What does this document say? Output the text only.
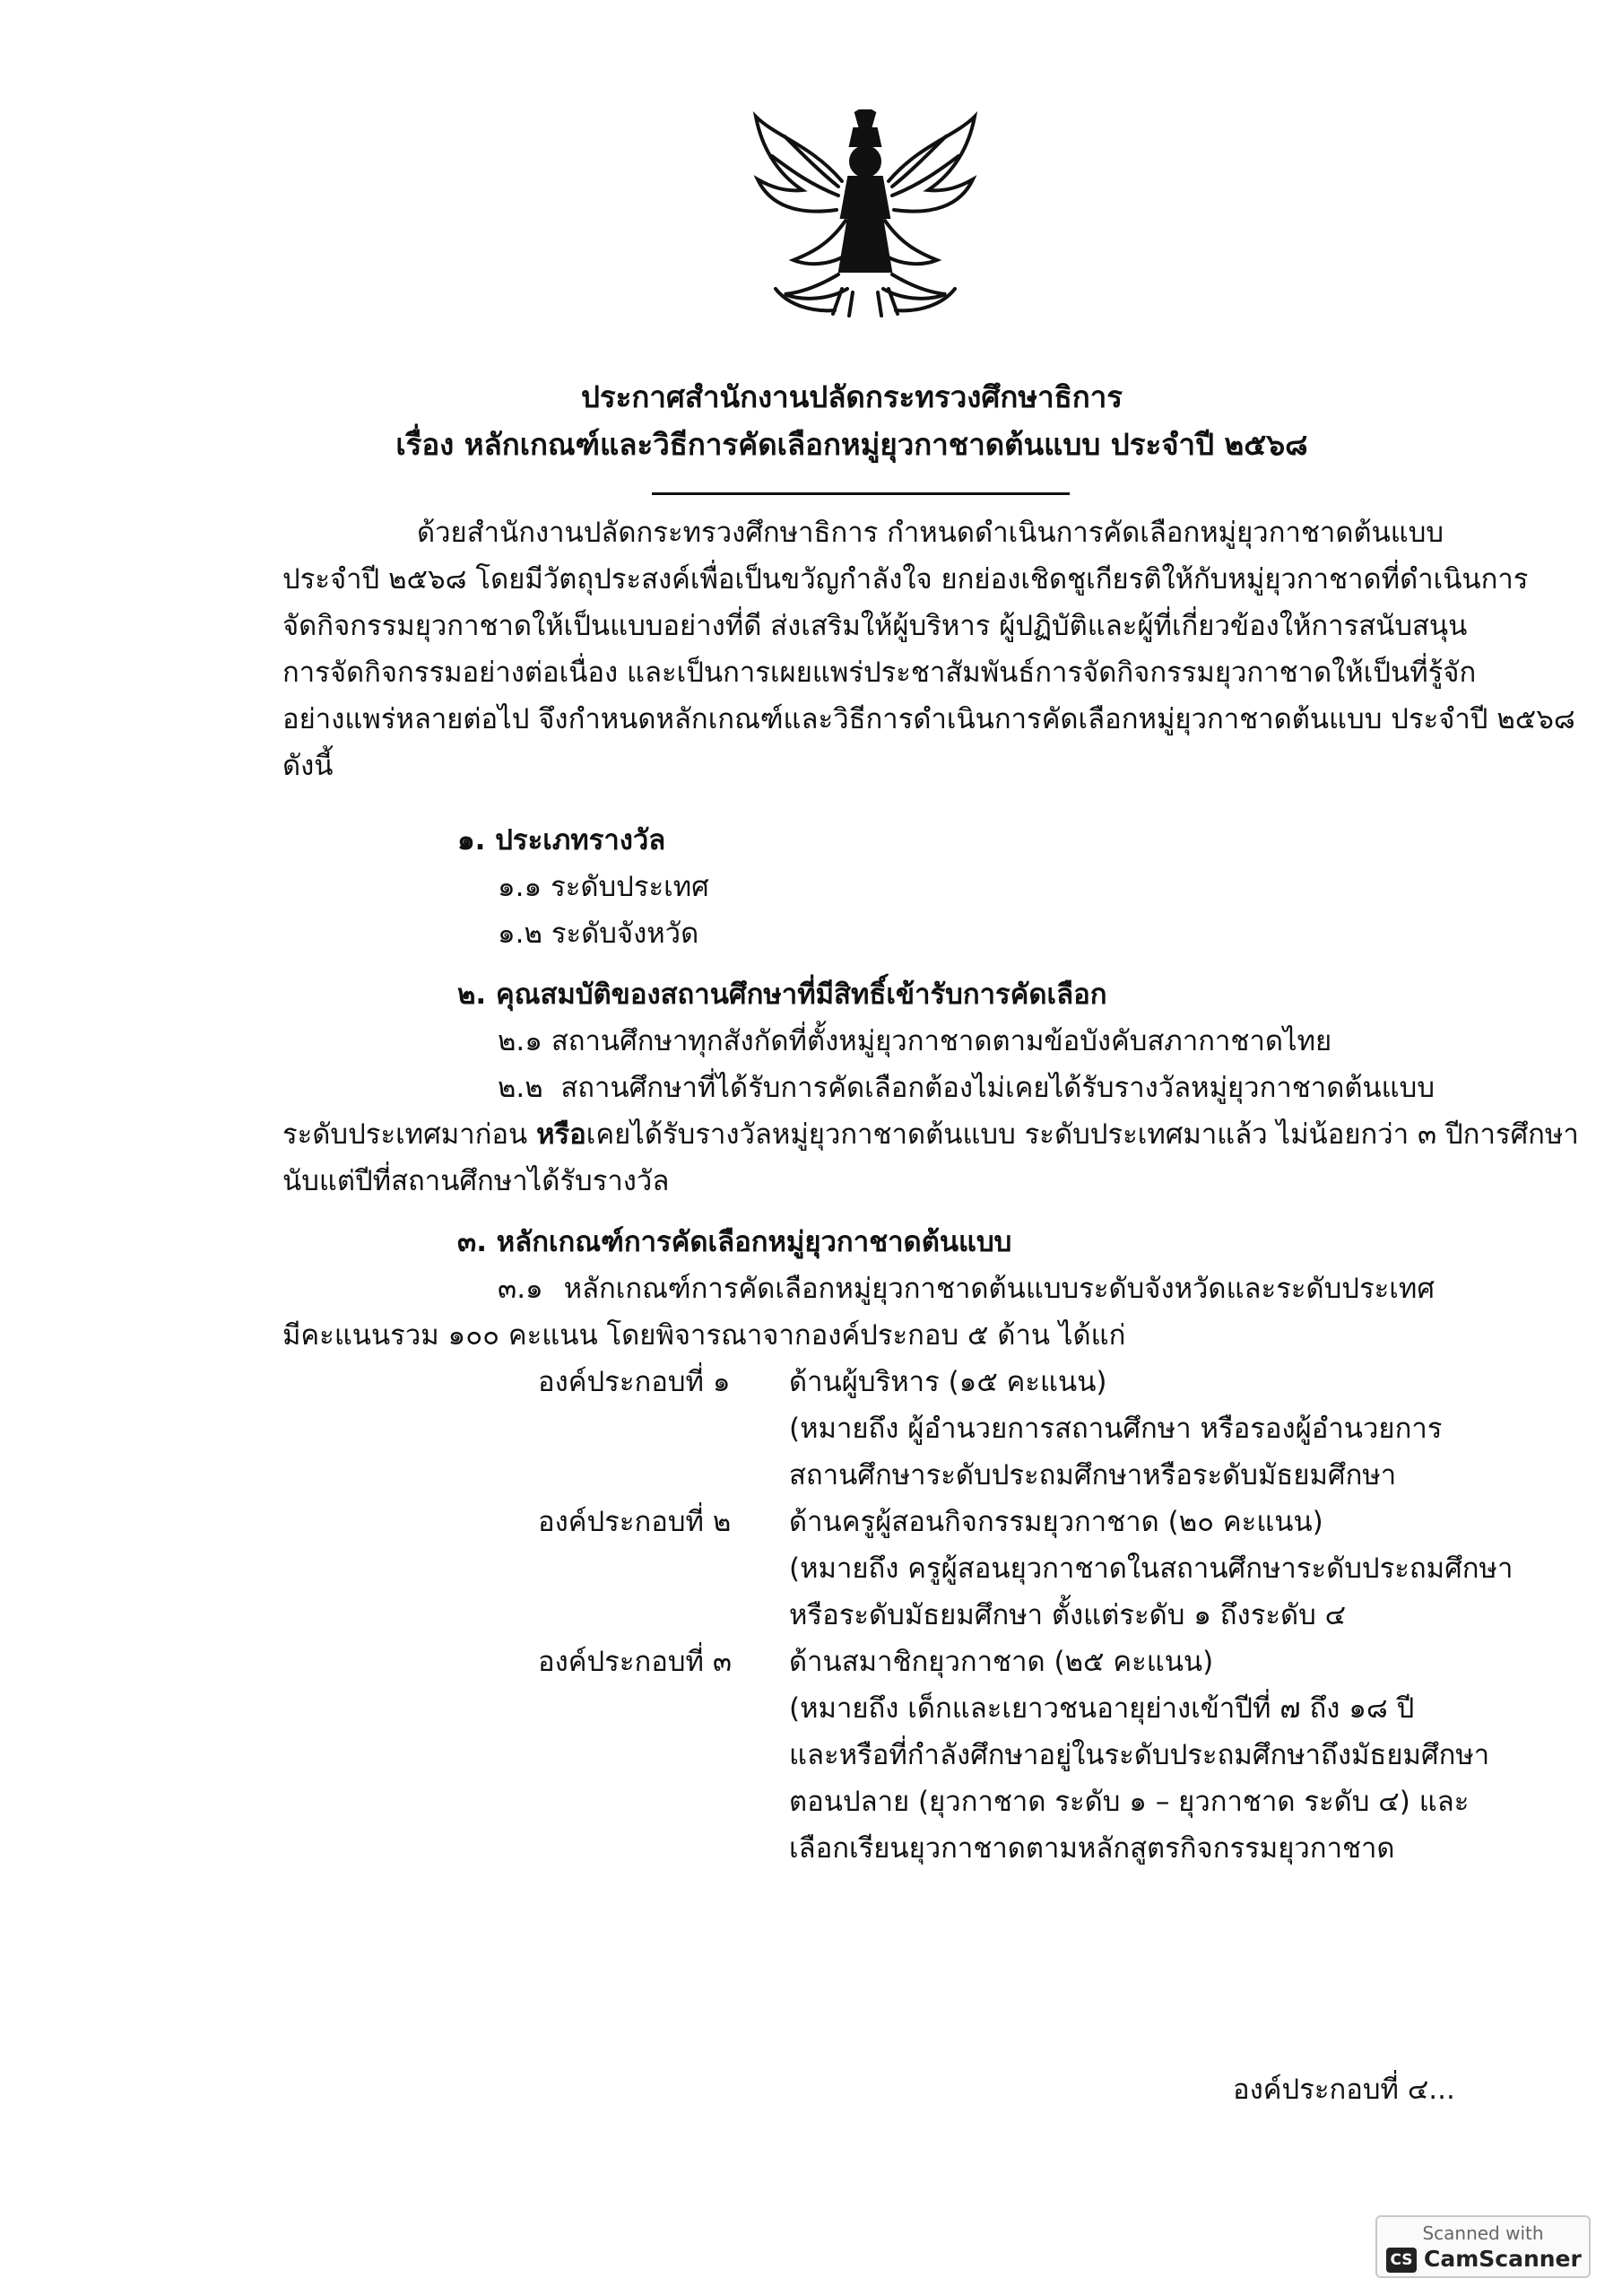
ประกาศสำนักงานปลัดกระทรวงศึกษาธิการ
เรื่อง หลักเกณฑ์และวิธีการคัดเลือกหมู่ยุวกาชาดต้นแบบ ประจำปี ๒๕๖๘
ด้วยสำนักงานปลัดกระทรวงศึกษาธิการ กำหนดดำเนินการคัดเลือกหมู่ยุวกาชาดต้นแบบ
ประจำปี ๒๕๖๘ โดยมีวัตถุประสงค์เพื่อเป็นขวัญกำลังใจ ยกย่องเชิดชูเกียรติให้กับหมู่ยุวกาชาดที่ดำเนินการ
จัดกิจกรรมยุวกาชาดให้เป็นแบบอย่างที่ดี ส่งเสริมให้ผู้บริหาร ผู้ปฏิบัติและผู้ที่เกี่ยวข้องให้การสนับสนุน
การจัดกิจกรรมอย่างต่อเนื่อง และเป็นการเผยแพร่ประชาสัมพันธ์การจัดกิจกรรมยุวกาชาดให้เป็นที่รู้จัก
อย่างแพร่หลายต่อไป จึงกำหนดหลักเกณฑ์และวิธีการดำเนินการคัดเลือกหมู่ยุวกาชาดต้นแบบ ประจำปี ๒๕๖๘
ดังนี้
๑. ประเภทรางวัล
๑.๑ ระดับประเทศ
๑.๒ ระดับจังหวัด
๒. คุณสมบัติของสถานศึกษาที่มีสิทธิ์เข้ารับการคัดเลือก
๒.๑ สถานศึกษาทุกสังกัดที่ตั้งหมู่ยุวกาชาดตามข้อบังคับสภากาชาดไทย
๒.๒ สถานศึกษาที่ได้รับการคัดเลือกต้องไม่เคยได้รับรางวัลหมู่ยุวกาชาดต้นแบบ
ระดับประเทศมาก่อน หรือเคยได้รับรางวัลหมู่ยุวกาชาดต้นแบบ ระดับประเทศมาแล้ว ไม่น้อยกว่า ๓ ปีการศึกษา
นับแต่ปีที่สถานศึกษาได้รับรางวัล
๓. หลักเกณฑ์การคัดเลือกหมู่ยุวกาชาดต้นแบบ
๓.๑ หลักเกณฑ์การคัดเลือกหมู่ยุวกาชาดต้นแบบระดับจังหวัดและระดับประเทศ
มีคะแนนรวม ๑๐๐ คะแนน โดยพิจารณาจากองค์ประกอบ ๕ ด้าน ได้แก่
องค์ประกอบที่ ๑ ด้านผู้บริหาร (๑๕ คะแนน)
(หมายถึง ผู้อำนวยการสถานศึกษา หรือรองผู้อำนวยการ
สถานศึกษาระดับประถมศึกษาหรือระดับมัธยมศึกษา
องค์ประกอบที่ ๒ ด้านครูผู้สอนกิจกรรมยุวกาชาด (๒๐ คะแนน)
(หมายถึง ครูผู้สอนยุวกาชาดในสถานศึกษาระดับประถมศึกษา
หรือระดับมัธยมศึกษา ตั้งแต่ระดับ ๑ ถึงระดับ ๔
องค์ประกอบที่ ๓ ด้านสมาชิกยุวกาชาด (๒๕ คะแนน)
(หมายถึง เด็กและเยาวชนอายุย่างเข้าปีที่ ๗ ถึง ๑๘ ปี
และหรือที่กำลังศึกษาอยู่ในระดับประถมศึกษาถึงมัธยมศึกษา
ตอนปลาย (ยุวกาชาด ระดับ ๑ – ยุวกาชาด ระดับ ๔) และ
เลือกเรียนยุวกาชาดตามหลักสูตรกิจกรรมยุวกาชาด
องค์ประกอบที่ ๔...
Scanned with
CS CamScanner
